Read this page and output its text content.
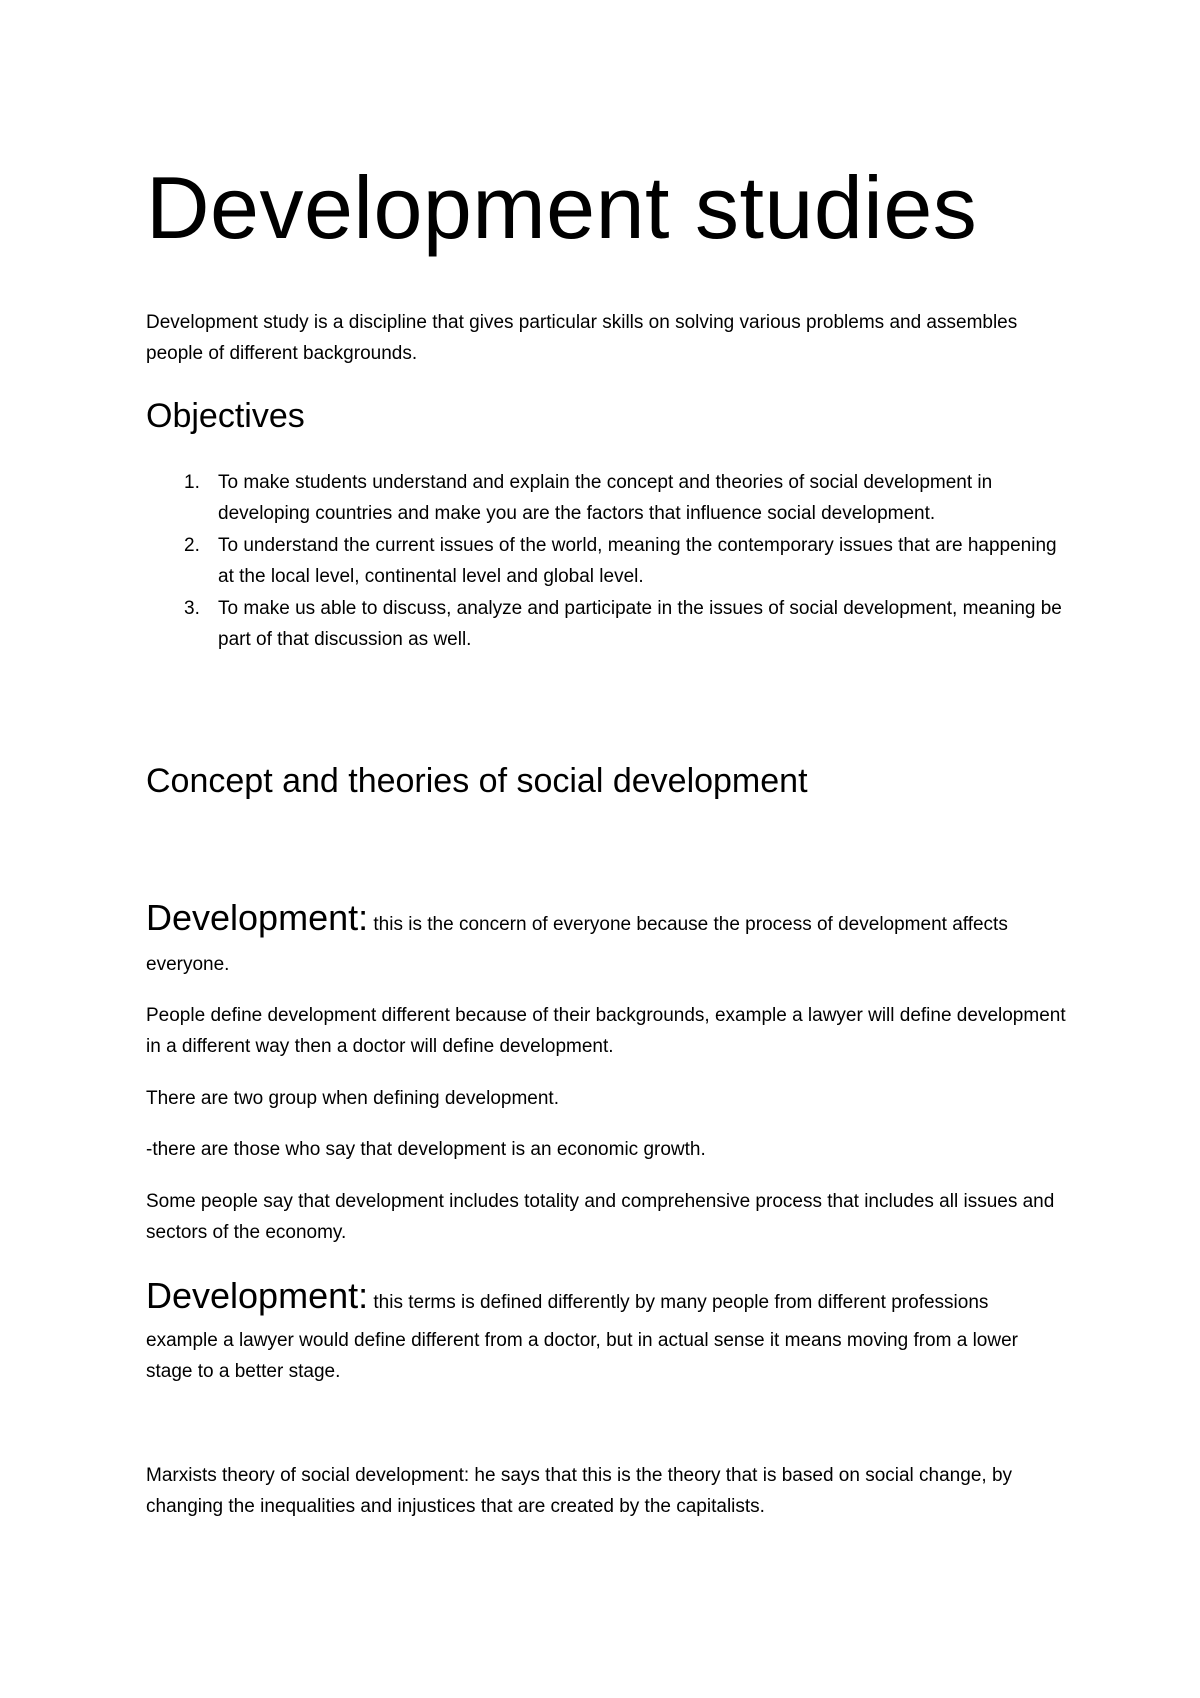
Development studies

Development study is a discipline that gives particular skills on solving various problems and assembles people of different backgrounds.

Objectives
1. To make students understand and explain the concept and theories of social development in developing countries and make you are the factors that influence social development.
2. To understand the current issues of the world, meaning the contemporary issues that are happening at the local level, continental level and global level.
3. To make us able to discuss, analyze and participate in the issues of social development, meaning be part of that discussion as well.
Concept and theories of social development

Development: this is the concern of everyone because the process of development affects everyone.

People define development different because of their backgrounds, example a lawyer will define development in a different way then a doctor will define development.

There are two group when defining development.

-there are those who say that development is an economic growth.

Some people say that development includes totality and comprehensive process that includes all issues and sectors of the economy.

Development: this terms is defined differently by many people from different professions

example a lawyer would define different from a doctor, but in actual sense it means moving from a lower stage to a better stage.

Marxists theory of social development: he says that this is the theory that is based on social change, by changing the inequalities and injustices that are created by the capitalists.
